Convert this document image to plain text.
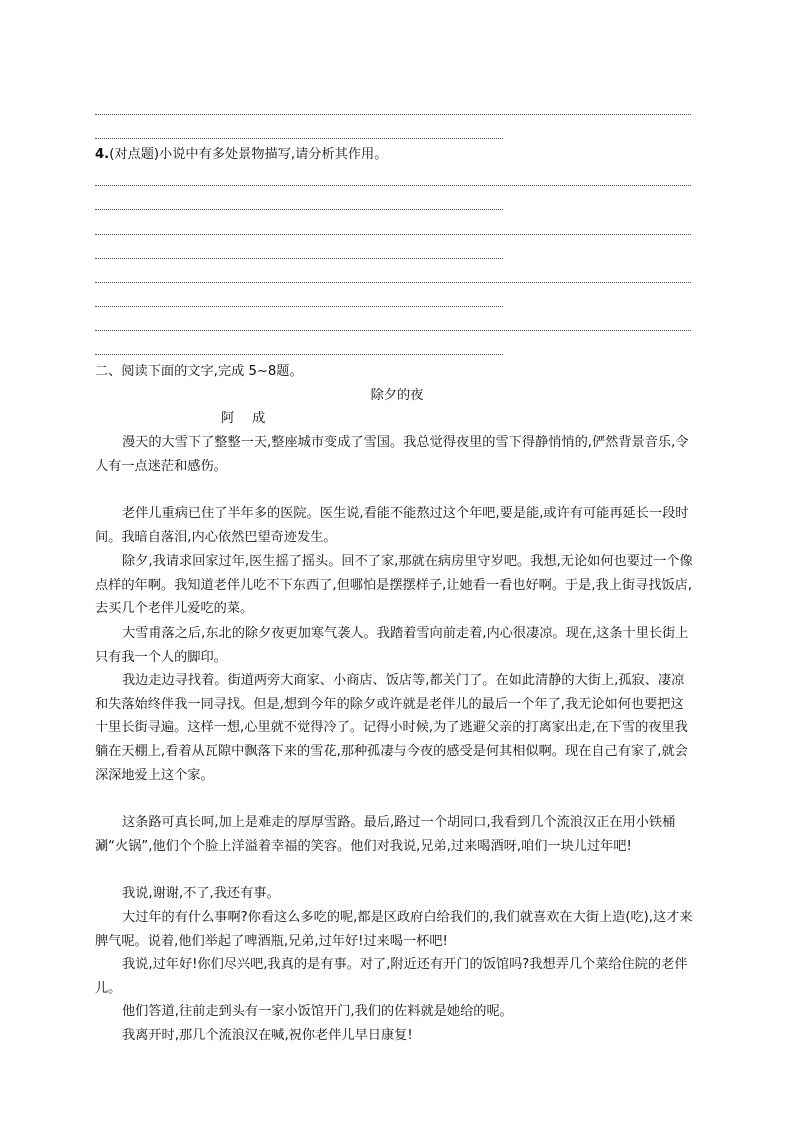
4.(对点题)小说中有多处景物描写,请分析其作用。

二、阅读下面的文字,完成 5~8题。

除夕的夜

阿成

漫天的大雪下了整整一天,整座城市变成了雪国。我总觉得夜里的雪下得静悄悄的,俨然背景音乐,令人有一点迷茫和感伤。

老伴儿重病已住了半年多的医院。医生说,看能不能熬过这个年吧,要是能,或许有可能再延长一段时间。我暗自落泪,内心依然巴望奇迹发生。

除夕,我请求回家过年,医生摇了摇头。回不了家,那就在病房里守岁吧。我想,无论如何也要过一个像点样的年啊。我知道老伴儿吃不下东西了,但哪怕是摆摆样子,让她看一看也好啊。于是,我上街寻找饭店,去买几个老伴儿爱吃的菜。

大雪甫落之后,东北的除夕夜更加寒气袭人。我踏着雪向前走着,内心很凄凉。现在,这条十里长街上只有我一个人的脚印。

我边走边寻找着。街道两旁大商家、小商店、饭店等,都关门了。在如此清静的大街上,孤寂、凄凉和失落始终伴我一同寻找。但是,想到今年的除夕或许就是老伴儿的最后一个年了,我无论如何也要把这十里长街寻遍。这样一想,心里就不觉得冷了。记得小时候,为了逃避父亲的打离家出走,在下雪的夜里我躺在天棚上,看着从瓦隙中飘落下来的雪花,那种孤凄与今夜的感受是何其相似啊。现在自己有家了,就会深深地爱上这个家。

这条路可真长呵,加上是难走的厚厚雪路。最后,路过一个胡同口,我看到几个流浪汉正在用小铁桶涮“火锅”,他们个个脸上洋溢着幸福的笑容。他们对我说,兄弟,过来喝酒呀,咱们一块儿过年吧!

我说,谢谢,不了,我还有事。

大过年的有什么事啊?你看这么多吃的呢,都是区政府白给我们的,我们就喜欢在大街上造(吃),这才来脾气呢。说着,他们举起了啤酒瓶,兄弟,过年好!过来喝一杯吧!

我说,过年好!你们尽兴吧,我真的是有事。对了,附近还有开门的饭馆吗?我想弄几个菜给住院的老伴儿。

他们答道,往前走到头有一家小饭馆开门,我们的佐料就是她给的呢。

我离开时,那几个流浪汉在喊,祝你老伴儿早日康复!
